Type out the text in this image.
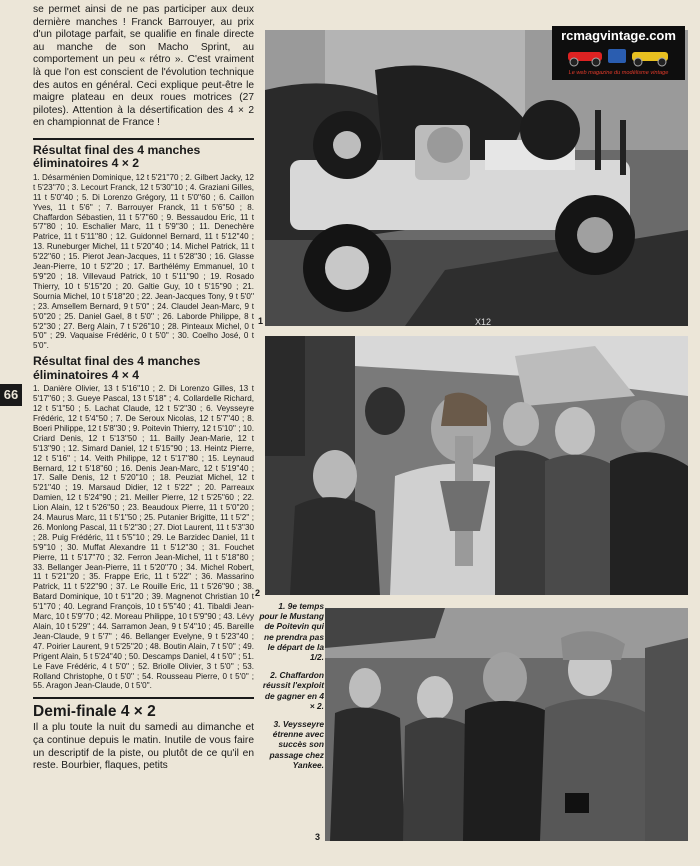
se permet ainsi de ne pas participer aux deux dernière manches ! Franck Barrouyer, au prix d'un pilotage parfait, se qualifie en finale directe au manche de son Macho Sprint, au comportement un peu « rétro ». C'est vraiment là que l'on est conscient de l'évolution technique des autos en général. Ceci explique peut-être le maigre plateau en deux roues motrices (27 pilotes). Attention à la désertification des 4 × 2 en championnat de France !

Résultat final des 4 manches éliminatoires 4 × 2

1. Désarménien Dominique, 12 t 5'21''70 ; 2. Gilbert Jacky, 12 t 5'23''70 ; 3. Lecourt Franck, 12 t 5'30''10 ; 4. Graziani Gilles, 11 t 5'0''40 ; 5. Di Lorenzo Grégory, 11 t 5'0''60 ; 6. Caillon Yves, 11 t 5'6'' ; 7. Barrouyer Franck, 11 t 5'6''50 ; 8. Chaffardon Sébastien, 11 t 5'7''60 ; 9. Bessaudou Eric, 11 t 5'7''80 ; 10. Eschalier Marc, 11 t 5'9''30 ; 11. Denechère Patrice, 11 t 5'11''80 ; 12. Guidonnel Bernard, 11 t 5'12''40 ; 13. Runeburger Michel, 11 t 5'20''40 ; 14. Michel Patrick, 11 t 5'22''60 ; 15. Pierot Jean-Jacques, 11 t 5'28''30 ; 16. Glasse Jean-Pierre, 10 t 5'2''20 ; 17. Barthélémy Emmanuel, 10 t 5'9''20 ; 18. Villevaud Patrick, 10 t 5'11''90 ; 19. Rosado Thierry, 10 t 5'15''20 ; 20. Galtie Guy, 10 t 5'15''90 ; 21. Sournia Michel, 10 t 5'18''20 ; 22. Jean-Jacques Tony, 9 t 5'0'' ; 23. Amsellem Bernard, 9 t 5'0'' ; 24. Claudel Jean-Marc, 9 t 5'0''20 ; 25. Daniel Gael, 8 t 5'0'' ; 26. Laborde Philippe, 8 t 5'2''30 ; 27. Berg Alain, 7 t 5'26''10 ; 28. Pinteaux Michel, 0 t 5'0'' ; 29. Vaquaise Frédéric, 0 t 5'0'' ; 30. Coelho José, 0 t 5'0''.

Résultat final des 4 manches éliminatoires 4 × 4

1. Danière Olivier, 13 t 5'16''10 ; 2. Di Lorenzo Gilles, 13 t 5'17''60 ; 3. Gueye Pascal, 13 t 5'18'' ; 4. Collardelle Richard, 12 t 5'1''50 ; 5. Lachat Claude, 12 t 5'2''30 ; 6. Veysseyre Frédéric, 12 t 5'4''50 ; 7. De Seroux Nicolas, 12 t 5'7''40 ; 8. Boeri Philippe, 12 t 5'8''30 ; 9. Poitevin Thierry, 12 t 5'10'' ; 10. Criard Denis, 12 t 5'13''50 ; 11. Bailly Jean-Marie, 12 t 5'13''90 ; 12. Simard Daniel, 12 t 5'15''90 ; 13. Heintz Pierre, 12 t 5'16'' ; 14. Veith Philippe, 12 t 5'17''80 ; 15. Leynaud Bernard, 12 t 5'18''60 ; 16. Denis Jean-Marc, 12 t 5'19''40 ; 17. Salle Denis, 12 t 5'20''10 ; 18. Peuziat Michel, 12 t 5'21''40 ; 19. Marsaud Didier, 12 t 5'22'' ; 20. Parreaux Damien, 12 t 5'24''90 ; 21. Meiller Pierre, 12 t 5'25''60 ; 22. Lion Alain, 12 t 5'26''50 ; 23. Beaudoux Pierre, 11 t 5'0''20 ; 24. Maurus Marc, 11 t 5'1''50 ; 25. Putanier Brigitte, 11 t 5'2'' ; 26. Monlong Pascal, 11 t 5'2''30 ; 27. Diot Laurent, 11 t 5'3''30 ; 28. Puig Frédéric, 11 t 5'5''10 ; 29. Le Barzidec Daniel, 11 t 5'9''10 ; 30. Muffat Alexandre 11 t 5'12''30 ; 31. Fouchet Pierre, 11 t 5'17''70 ; 32. Ferron Jean-Michel, 11 t 5'18''80 ; 33. Bellanger Jean-Pierre, 11 t 5'20''70 ; 34. Michel Robert, 11 t 5'21''20 ; 35. Frappe Eric, 11 t 5'22'' ; 36. Massarino Patrick, 11 t 5'22''90 ; 37. Le Rouille Eric, 11 t 5'26''90 ; 38. Batard Dominique, 10 t 5'1''20 ; 39. Magnenot Christian 10 t 5'1''70 ; 40. Legrand François, 10 t 5'5''40 ; 41. Tibaldi Jean-Marc, 10 t 5'9''70 ; 42. Moreau Philippe, 10 t 5'9''90 ; 43. Lévy Alain, 10 t 5'29'' ; 44. Sarramon Jean, 9 t 5'4''10 ; 45. Bareille Jean-Claude, 9 t 5'7'' ; 46. Bellanger Evelyne, 9 t 5'23''40 ; 47. Poirier Laurent, 9 t 5'25''20 ; 48. Boutin Alain, 7 t 5'0'' ; 49. Prigent Alain, 5 t 5'24''40 ; 50. Descamps Daniel, 4 t 5'0'' ; 51. Le Fave Frédéric, 4 t 5'0'' ; 52. Briolle Olivier, 3 t 5'0'' ; 53. Rolland Christophe, 0 t 5'0'' ; 54. Rousseau Pierre, 0 t 5'0'' ; 55. Aragon Jean-Claude, 0 t 5'0''.

Demi-finale 4 × 2

Il a plu toute la nuit du samedi au dimanche et ça continue depuis le matin. Inutile de vous faire un descriptif de la piste, ou plutôt de ce qu'il en reste. Bourbier, flaques, petits

66
X12
1
rcmagvintage.com
Le web magazine du modélisme vintage
2

1. 9e temps pour le Mustang de Poitevin qui ne prendra pas le départ de la 1/2.

2. Chaffardon réussit l'exploit de gagner en 4 × 2.

3. Veysseyre étrenne avec succès son passage chez Yankee.

3
